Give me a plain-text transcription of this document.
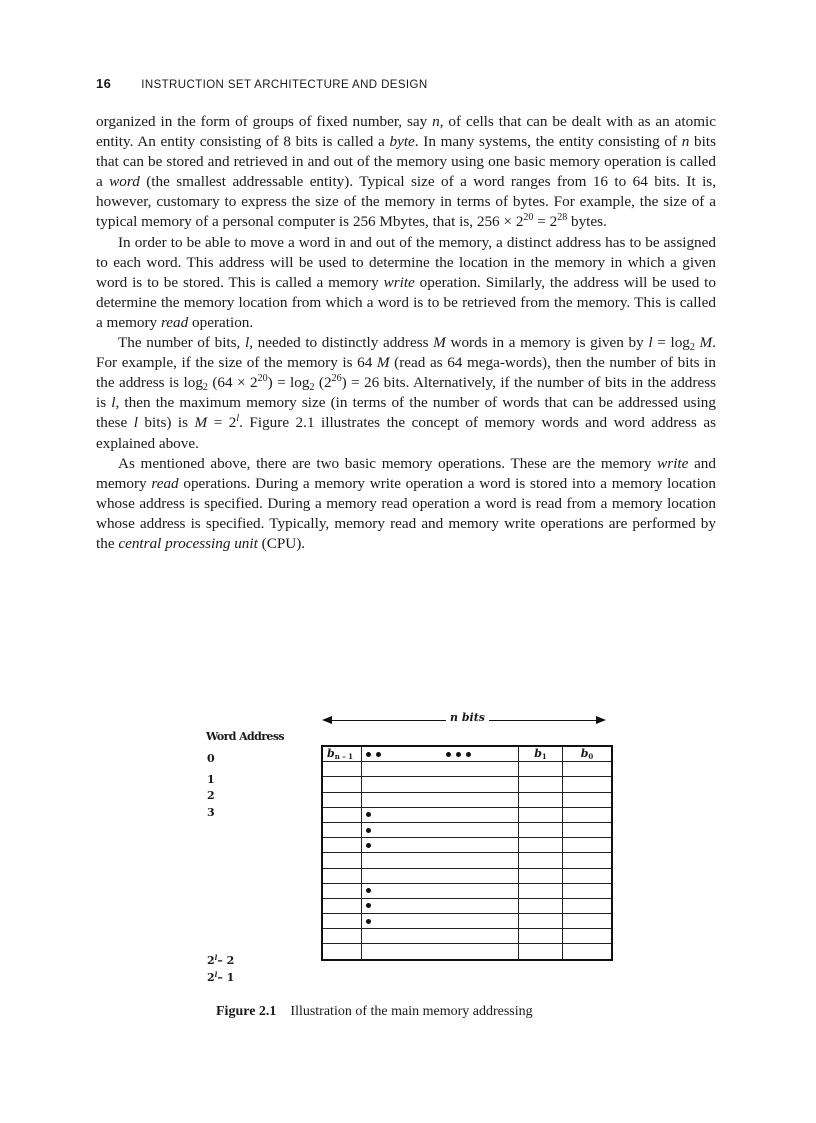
16	INSTRUCTION SET ARCHITECTURE AND DESIGN

organized in the form of groups of fixed number, say n, of cells that can be dealt with as an atomic entity. An entity consisting of 8 bits is called a byte. In many systems, the entity consisting of n bits that can be stored and retrieved in and out of the memory using one basic memory operation is called a word (the smallest addressable entity). Typical size of a word ranges from 16 to 64 bits. It is, however, customary to express the size of the memory in terms of bytes. For example, the size of a typical memory of a personal computer is 256 Mbytes, that is, $256 \times 2^{20} = 2^{28}$ bytes.

In order to be able to move a word in and out of the memory, a distinct address has to be assigned to each word. This address will be used to determine the location in the memory in which a given word is to be stored. This is called a memory write operation. Similarly, the address will be used to determine the memory location from which a word is to be retrieved from the memory. This is called a memory read operation.

The number of bits, l, needed to distinctly address M words in a memory is given by $l = \log_2 M$. For example, if the size of the memory is 64 M (read as 64 mega-words), then the number of bits in the address is $\log_2 (64 \times 2^{20}) = \log_2 (2^{26}) = 26$ bits. Alternatively, if the number of bits in the address is l, then the maximum memory size (in terms of the number of words that can be addressed using these l bits) is $M = 2^l$. Figure 2.1 illustrates the concept of memory words and word address as explained above.

As mentioned above, there are two basic memory operations. These are the memory write and memory read operations. During a memory write operation a word is stored into a memory location whose address is specified. During a memory read operation a word is read from a memory location whose address is specified. Typically, memory read and memory write operations are performed by the central processing unit (CPU).

n bits
Word Address
0
1
2
3
2$^l$– 2
2$^l$– 1
$b_{n - 1}$		$b_1$	$b_0$

Figure 2.1 Illustration of the main memory addressing
